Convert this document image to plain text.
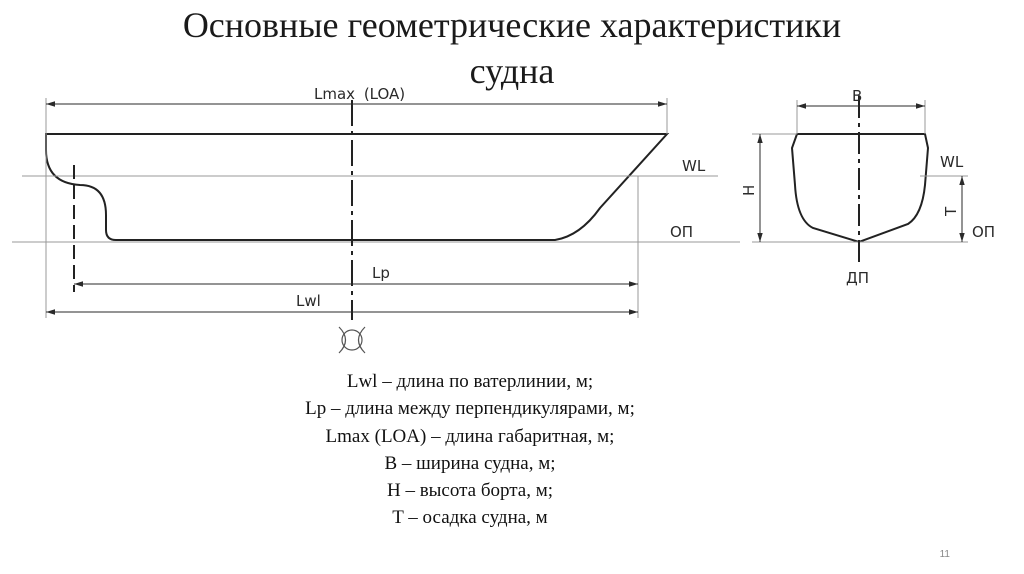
Основные геометрические характеристики
судна
Lmax (LOA)
Lp
Lwl
WL
ОП
B
H
WL
T
ОП
ДП
Lwl – длина по ватерлинии, м;
Lp – длина между перпендикулярами, м;
Lmax (LOA) – длина габаритная, м;
B – ширина судна, м;
H – высота борта, м;
T – осадка судна, м
11
